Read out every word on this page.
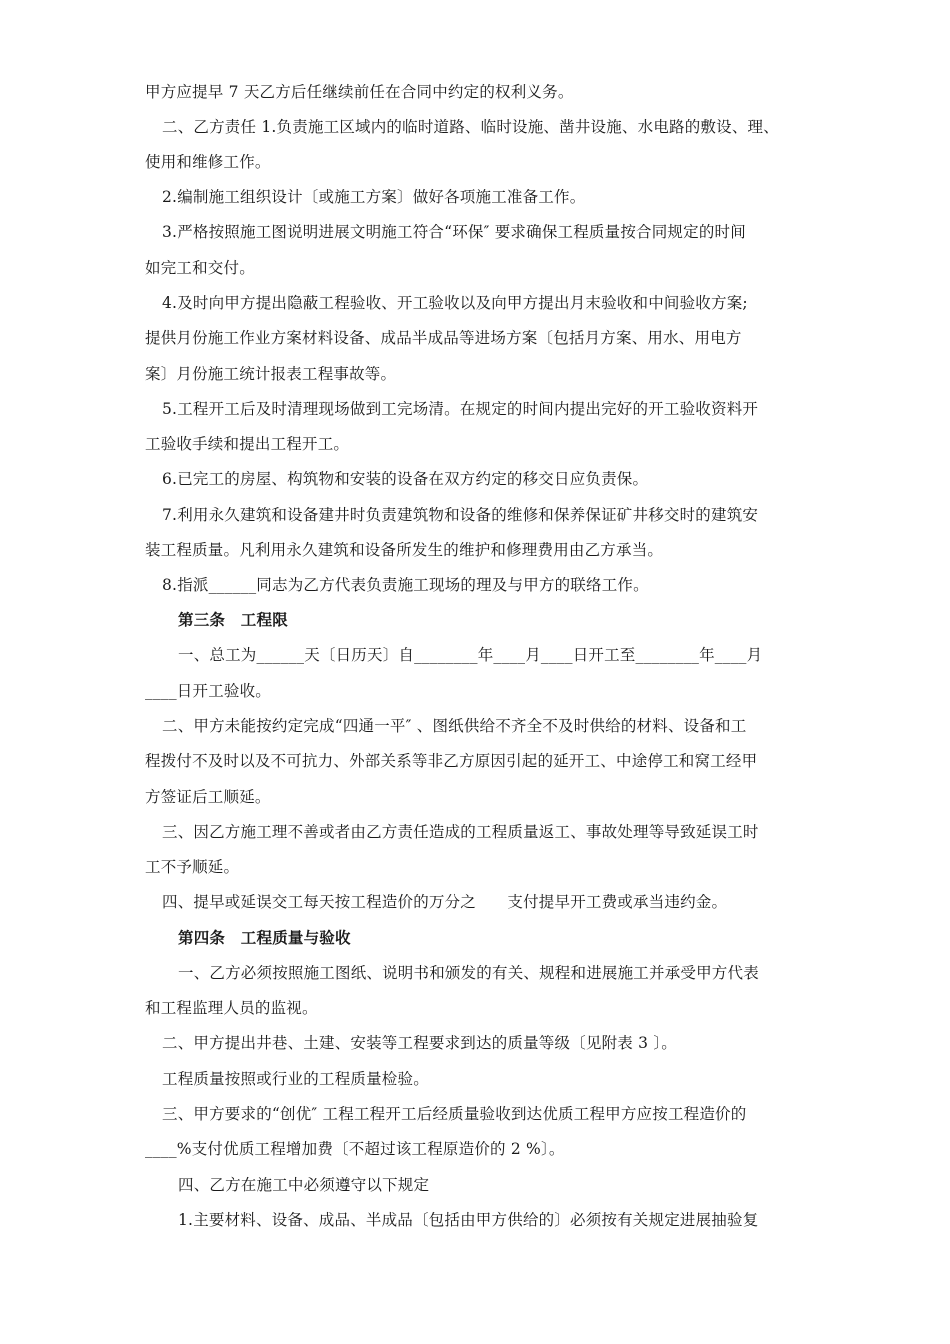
甲方应提早 7 天乙方后任继续前任在合同中约定的权利义务。
二、乙方责任 1.负责施工区域内的临时道路、临时设施、凿井设施、水电路的敷设、理、
使用和维修工作。
2.编制施工组织设计〔或施工方案〕做好各项施工准备工作。
3.严格按照施工图说明进展文明施工符合“环保″ 要求确保工程质量按合同规定的时间
如完工和交付。
4.及时向甲方提出隐蔽工程验收、开工验收以及向甲方提出月末验收和中间验收方案;
提供月份施工作业方案材料设备、成品半成品等进场方案〔包括月方案、用水、用电方
案〕月份施工统计报表工程事故等。
5.工程开工后及时清理现场做到工完场清。在规定的时间内提出完好的开工验收资料开
工验收手续和提出工程开工。
6.已完工的房屋、构筑物和安装的设备在双方约定的移交日应负责保。
7.利用永久建筑和设备建井时负责建筑物和设备的维修和保养保证矿井移交时的建筑安
装工程质量。凡利用永久建筑和设备所发生的维护和修理费用由乙方承当。
8.指派______同志为乙方代表负责施工现场的理及与甲方的联络工作。
第三条　工程限
一、总工为______天〔日历天〕自________年____月____日开工至________年____月
____日开工验收。
二、甲方未能按约定完成“四通一平″ 、图纸供给不齐全不及时供给的材料、设备和工
程拨付不及时以及不可抗力、外部关系等非乙方原因引起的延开工、中途停工和窝工经甲
方签证后工顺延。
三、因乙方施工理不善或者由乙方责任造成的工程质量返工、事故处理等导致延误工时
工不予顺延。
四、提早或延误交工每天按工程造价的万分之　　支付提早开工费或承当违约金。
第四条　工程质量与验收
一、乙方必须按照施工图纸、说明书和颁发的有关、规程和进展施工并承受甲方代表
和工程监理人员的监视。
二、甲方提出井巷、土建、安装等工程要求到达的质量等级〔见附表 3 〕。
工程质量按照或行业的工程质量检验。
三、甲方要求的“创优″ 工程工程开工后经质量验收到达优质工程甲方应按工程造价的
____%支付优质工程增加费〔不超过该工程原造价的 2 %〕。
四、乙方在施工中必须遵守以下规定
1.主要材料、设备、成品、半成品〔包括由甲方供给的〕必须按有关规定进展抽验复
